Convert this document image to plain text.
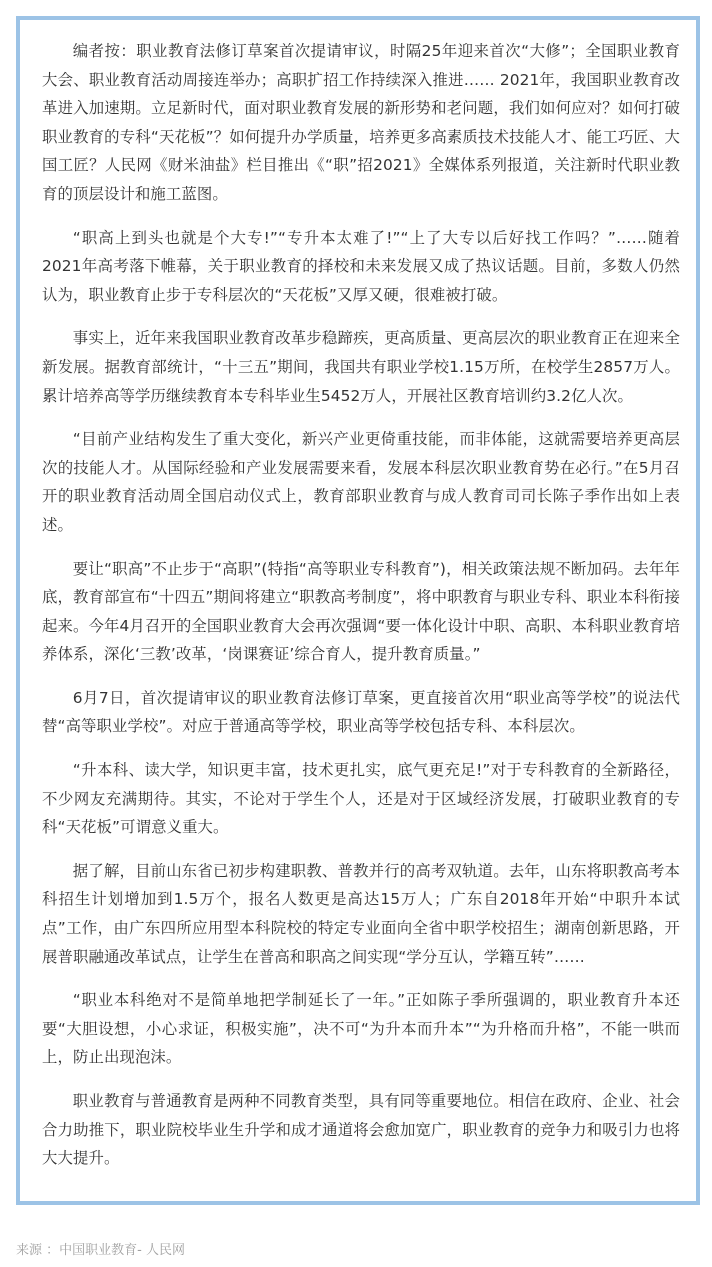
编者按：职业教育法修订草案首次提请审议，时隔25年迎来首次“大修”；全国职业教育大会、职业教育活动周接连举办；高职扩招工作持续深入推进…… 2021年，我国职业教育改革进入加速期。立足新时代，面对职业教育发展的新形势和老问题，我们如何应对？如何打破职业教育的专科“天花板”？如何提升办学质量，培养更多高素质技术技能人才、能工巧匠、大国工匠？人民网《财米油盐》栏目推出《“职”招2021》全媒体系列报道，关注新时代职业教育的顶层设计和施工蓝图。

“职高上到头也就是个大专!”“专升本太难了!”“上了大专以后好找工作吗？”……随着2021年高考落下帷幕，关于职业教育的择校和未来发展又成了热议话题。目前，多数人仍然认为，职业教育止步于专科层次的“天花板”又厚又硬，很难被打破。

事实上，近年来我国职业教育改革步稳蹄疾，更高质量、更高层次的职业教育正在迎来全新发展。据教育部统计，“十三五”期间，我国共有职业学校1.15万所，在校学生2857万人。累计培养高等学历继续教育本专科毕业生5452万人，开展社区教育培训约3.2亿人次。

“目前产业结构发生了重大变化，新兴产业更倚重技能，而非体能，这就需要培养更高层次的技能人才。从国际经验和产业发展需要来看，发展本科层次职业教育势在必行。”在5月召开的职业教育活动周全国启动仪式上，教育部职业教育与成人教育司司长陈子季作出如上表述。

要让“职高”不止步于“高职”(特指“高等职业专科教育”)，相关政策法规不断加码。去年年底，教育部宣布“十四五”期间将建立“职教高考制度”，将中职教育与职业专科、职业本科衔接起来。今年4月召开的全国职业教育大会再次强调“要一体化设计中职、高职、本科职业教育培养体系，深化‘三教’改革，‘岗课赛证’综合育人，提升教育质量。”

6月7日，首次提请审议的职业教育法修订草案，更直接首次用“职业高等学校”的说法代替“高等职业学校”。对应于普通高等学校，职业高等学校包括专科、本科层次。

“升本科、读大学，知识更丰富，技术更扎实，底气更充足!”对于专科教育的全新路径，不少网友充满期待。其实，不论对于学生个人，还是对于区域经济发展，打破职业教育的专科“天花板”可谓意义重大。

据了解，目前山东省已初步构建职教、普教并行的高考双轨道。去年，山东将职教高考本科招生计划增加到1.5万个，报名人数更是高达15万人；广东自2018年开始“中职升本试点”工作，由广东四所应用型本科院校的特定专业面向全省中职学校招生；湖南创新思路，开展普职融通改革试点，让学生在普高和职高之间实现“学分互认，学籍互转”……

“职业本科绝对不是简单地把学制延长了一年。”正如陈子季所强调的，职业教育升本还要“大胆设想，小心求证，积极实施”，决不可“为升本而升本”“为升格而升格”，不能一哄而上，防止出现泡沫。

职业教育与普通教育是两种不同教育类型，具有同等重要地位。相信在政府、企业、社会合力助推下，职业院校毕业生升学和成才通道将会愈加宽广，职业教育的竞争力和吸引力也将大大提升。

来源 ：中国职业教育- 人民网
